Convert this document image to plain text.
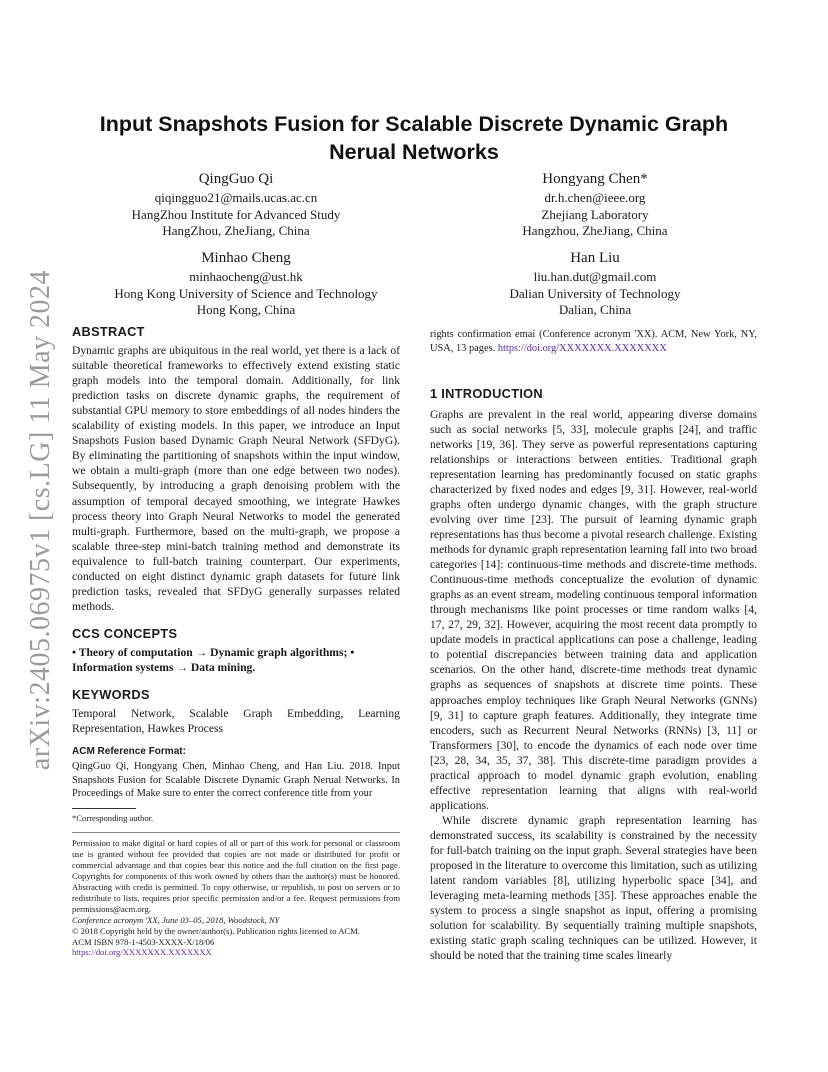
arXiv:2405.06975v1 [cs.LG] 11 May 2024
Input Snapshots Fusion for Scalable Discrete Dynamic Graph Nerual Networks
QingGuo Qi
qiqingguo21@mails.ucas.ac.cn
HangZhou Institute for Advanced Study
HangZhou, ZheJiang, China
Hongyang Chen*
dr.h.chen@ieee.org
Zhejiang Laboratory
Hangzhou, ZheJiang, China
Minhao Cheng
minhaocheng@ust.hk
Hong Kong University of Science and Technology
Hong Kong, China
Han Liu
liu.han.dut@gmail.com
Dalian University of Technology
Dalian, China
ABSTRACT

Dynamic graphs are ubiquitous in the real world, yet there is a lack of suitable theoretical frameworks to effectively extend existing static graph models into the temporal domain. Additionally, for link prediction tasks on discrete dynamic graphs, the requirement of substantial GPU memory to store embeddings of all nodes hinders the scalability of existing models. In this paper, we introduce an Input Snapshots Fusion based Dynamic Graph Neural Network (SFDyG). By eliminating the partitioning of snapshots within the input window, we obtain a multi-graph (more than one edge between two nodes). Subsequently, by introducing a graph denoising problem with the assumption of temporal decayed smoothing, we integrate Hawkes process theory into Graph Neural Networks to model the generated multi-graph. Furthermore, based on the multi-graph, we propose a scalable three-step mini-batch training method and demonstrate its equivalence to full-batch training counterpart. Our experiments, conducted on eight distinct dynamic graph datasets for future link prediction tasks, revealed that SFDyG generally surpasses related methods.

CCS CONCEPTS

• Theory of computation → Dynamic graph algorithms; • Information systems → Data mining.

KEYWORDS

Temporal Network, Scalable Graph Embedding, Learning Representation, Hawkes Process

ACM Reference Format:

QingGuo Qi, Hongyang Chen, Minhao Cheng, and Han Liu. 2018. Input Snapshots Fusion for Scalable Discrete Dynamic Graph Nerual Networks. In Proceedings of Make sure to enter the correct conference title from your

*Corresponding author.

Permission to make digital or hard copies of all or part of this work for personal or classroom use is granted without fee provided that copies are not made or distributed for profit or commercial advantage and that copies bear this notice and the full citation on the first page. Copyrights for components of this work owned by others than the author(s) must be honored. Abstracting with credit is permitted. To copy otherwise, or republish, to post on servers or to redistribute to lists, requires prior specific permission and/or a fee. Request permissions from permissions@acm.org.

Conference acronym 'XX, June 03–05, 2018, Woodstock, NY

© 2018 Copyright held by the owner/author(s). Publication rights licensed to ACM.

ACM ISBN 978-1-4503-XXXX-X/18/06

https://doi.org/XXXXXXX.XXXXXXX

rights confirmation emai (Conference acronym 'XX). ACM, New York, NY, USA, 13 pages. https://doi.org/XXXXXXX.XXXXXXX

1 INTRODUCTION

Graphs are prevalent in the real world, appearing diverse domains such as social networks [5, 33], molecule graphs [24], and traffic networks [19, 36]. They serve as powerful representations capturing relationships or interactions between entities. Traditional graph representation learning has predominantly focused on static graphs characterized by fixed nodes and edges [9, 31]. However, real-world graphs often undergo dynamic changes, with the graph structure evolving over time [23]. The pursuit of learning dynamic graph representations has thus become a pivotal research challenge. Existing methods for dynamic graph representation learning fall into two broad categories [14]: continuous-time methods and discrete-time methods. Continuous-time methods conceptualize the evolution of dynamic graphs as an event stream, modeling continuous temporal information through mechanisms like point processes or time random walks [4, 17, 27, 29, 32]. However, acquiring the most recent data promptly to update models in practical applications can pose a challenge, leading to potential discrepancies between training data and application scenarios. On the other hand, discrete-time methods treat dynamic graphs as sequences of snapshots at discrete time points. These approaches employ techniques like Graph Neural Networks (GNNs) [9, 31] to capture graph features. Additionally, they integrate time encoders, such as Recurrent Neural Networks (RNNs) [3, 11] or Transformers [30], to encode the dynamics of each node over time [23, 28, 34, 35, 37, 38]. This discrete-time paradigm provides a practical approach to model dynamic graph evolution, enabling effective representation learning that aligns with real-world applications.

While discrete dynamic graph representation learning has demonstrated success, its scalability is constrained by the necessity for full-batch training on the input graph. Several strategies have been proposed in the literature to overcome this limitation, such as utilizing latent random variables [8], utilizing hyperbolic space [34], and leveraging meta-learning methods [35]. These approaches enable the system to process a single snapshot as input, offering a promising solution for scalability. By sequentially training multiple snapshots, existing static graph scaling techniques can be utilized. However, it should be noted that the training time scales linearly
